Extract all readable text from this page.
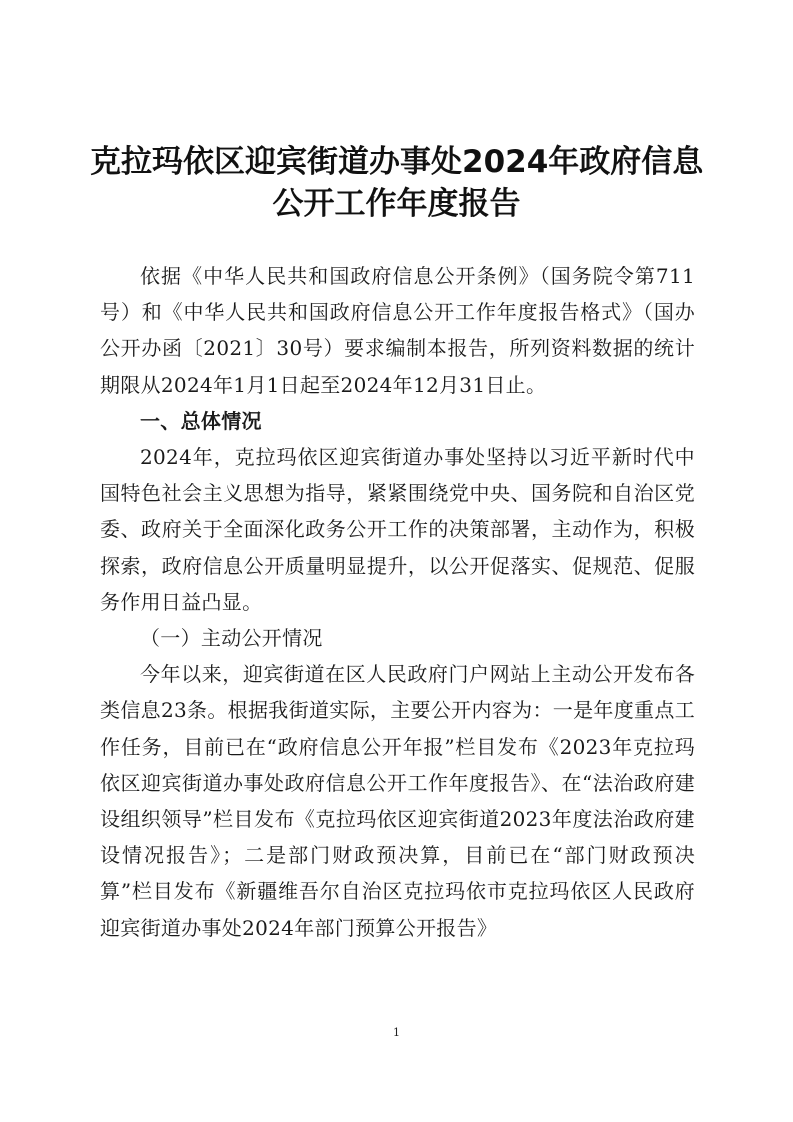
克拉玛依区迎宾街道办事处2024年政府信息
公开工作年度报告

依据《中华人民共和国政府信息公开条例》（国务院令第711号）和《中华人民共和国政府信息公开工作年度报告格式》（国办公开办函〔2021〕30号）要求编制本报告，所列资料数据的统计期限从2024年1月1日起至2024年12月31日止。

一、总体情况

2024年，克拉玛依区迎宾街道办事处坚持以习近平新时代中国特色社会主义思想为指导，紧紧围绕党中央、国务院和自治区党委、政府关于全面深化政务公开工作的决策部署，主动作为，积极探索，政府信息公开质量明显提升，以公开促落实、促规范、促服务作用日益凸显。

（一）主动公开情况

今年以来，迎宾街道在区人民政府门户网站上主动公开发布各类信息23条。根据我街道实际，主要公开内容为：一是年度重点工作任务，目前已在“政府信息公开年报”栏目发布《2023年克拉玛依区迎宾街道办事处政府信息公开工作年度报告》、在“法治政府建设组织领导”栏目发布《克拉玛依区迎宾街道2023年度法治政府建设情况报告》；二是部门财政预决算，目前已在“部门财政预决算”栏目发布《新疆维吾尔自治区克拉玛依市克拉玛依区人民政府迎宾街道办事处2024年部门预算公开报告》

1
